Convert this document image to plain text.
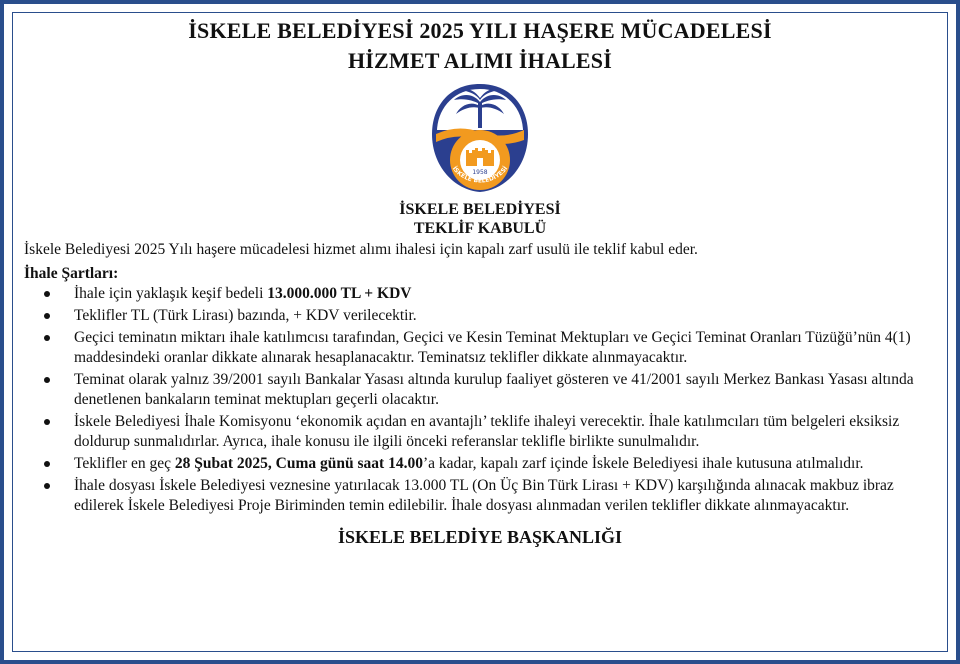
İSKELE BELEDİYESİ 2025 YILI HAŞERE MÜCADELESİ
HİZMET ALIMI İHALESİ
1958
İSKELE BELEDİYESİ
İSKELE BELEDİYESİ
TEKLİF KABULÜ

İskele Belediyesi 2025 Yılı haşere mücadelesi hizmet alımı ihalesi için kapalı zarf usulü ile teklif kabul eder.

İhale Şartları:
İhale için yaklaşık keşif bedeli 13.000.000 TL + KDV
Teklifler TL (Türk Lirası) bazında, + KDV verilecektir.
Geçici teminatın miktarı ihale katılımcısı tarafından, Geçici ve Kesin Teminat Mektupları ve Geçici Teminat Oranları Tüzüğü’nün 4(1) maddesindeki oranlar dikkate alınarak hesaplanacaktır. Teminatsız teklifler dikkate alınmayacaktır.
Teminat olarak yalnız 39/2001 sayılı Bankalar Yasası altında kurulup faaliyet gösteren ve 41/2001 sayılı Merkez Bankası Yasası altında denetlenen bankaların teminat mektupları geçerli olacaktır.
İskele Belediyesi İhale Komisyonu ‘ekonomik açıdan en avantajlı’ teklife ihaleyi verecektir. İhale katılımcıları tüm belgeleri eksiksiz doldurup sunmalıdırlar. Ayrıca, ihale konusu ile ilgili önceki referanslar teklifle birlikte sunulmalıdır.
Teklifler en geç 28 Şubat 2025, Cuma günü saat 14.00’a kadar, kapalı zarf içinde İskele Belediyesi ihale kutusuna atılmalıdır.
İhale dosyası İskele Belediyesi veznesine yatırılacak 13.000 TL (On Üç Bin Türk Lirası + KDV) karşılığında alınacak makbuz ibraz edilerek İskele Belediyesi Proje Biriminden temin edilebilir. İhale dosyası alınmadan verilen teklifler dikkate alınmayacaktır.
İSKELE BELEDİYE BAŞKANLIĞI
